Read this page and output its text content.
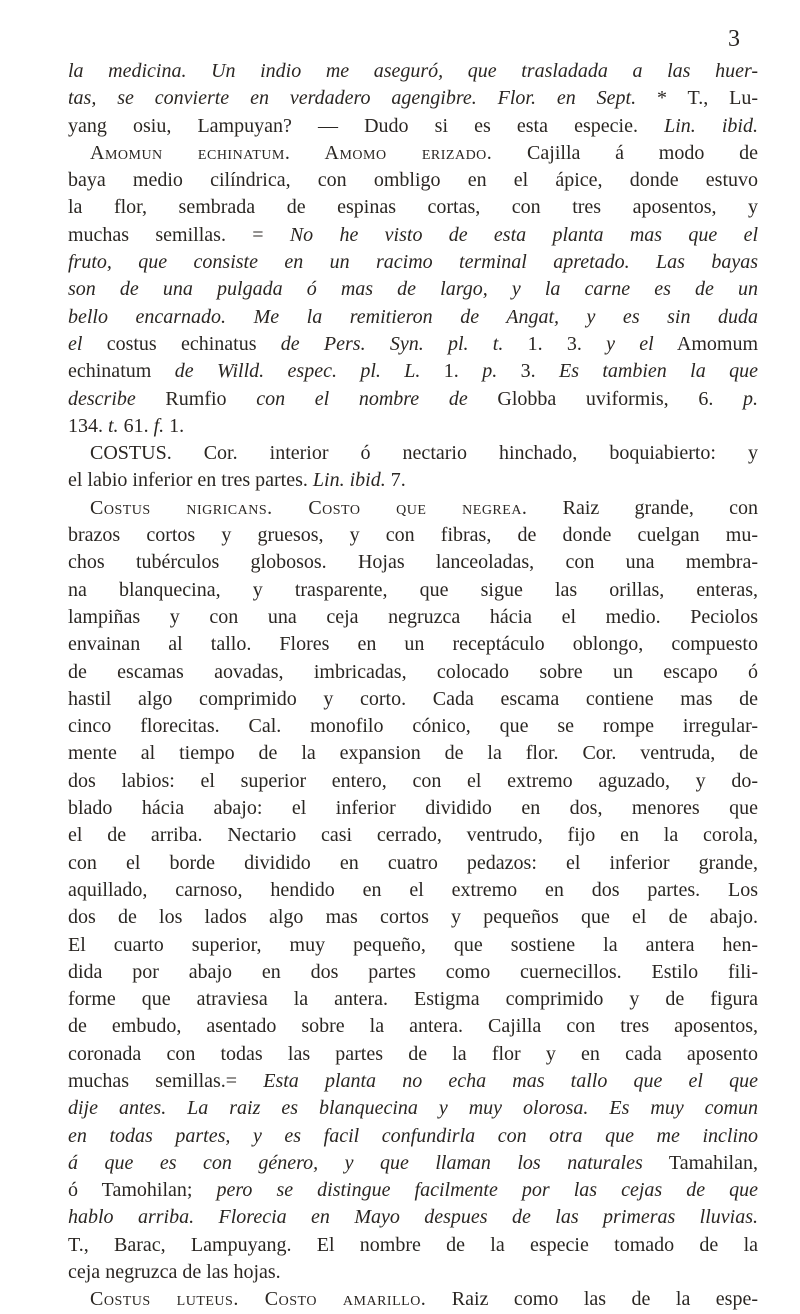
3

la medicina. Un indio me aseguró, que trasladada a las huer-
tas, se convierte en verdadero agengibre. Flor. en Sept. * T., Lu-
yang osiu, Lampuyan? — Dudo si es esta especie. Lin. ibid.
Amomun echinatum. Amomo erizado. Cajilla á modo de
baya medio cilíndrica, con ombligo en el ápice, donde estuvo
la flor, sembrada de espinas cortas, con tres aposentos, y
muchas semillas. = No he visto de esta planta mas que el
fruto, que consiste en un racimo terminal apretado. Las bayas
son de una pulgada ó mas de largo, y la carne es de un
bello encarnado. Me la remitieron de Angat, y es sin duda
el costus echinatus de Pers. Syn. pl. t. 1. 3. y el Amomum
echinatum de Willd. espec. pl. L. 1. p. 3. Es tambien la que
describe Rumfio con el nombre de Globba uviformis, 6. p.
134. t. 61. f. 1.
COSTUS. Cor. interior ó nectario hinchado, boquiabierto: y
el labio inferior en tres partes. Lin. ibid. 7.
Costus nigricans. Costo que negrea. Raiz grande, con
brazos cortos y gruesos, y con fibras, de donde cuelgan mu-
chos tubérculos globosos. Hojas lanceoladas, con una membra-
na blanquecina, y trasparente, que sigue las orillas, enteras,
lampiñas y con una ceja negruzca hácia el medio. Peciolos
envainan al tallo. Flores en un receptáculo oblongo, compuesto
de escamas aovadas, imbricadas, colocado sobre un escapo ó
hastil algo comprimido y corto. Cada escama contiene mas de
cinco florecitas. Cal. monofilo cónico, que se rompe irregular-
mente al tiempo de la expansion de la flor. Cor. ventruda, de
dos labios: el superior entero, con el extremo aguzado, y do-
blado hácia abajo: el inferior dividido en dos, menores que
el de arriba. Nectario casi cerrado, ventrudo, fijo en la corola,
con el borde dividido en cuatro pedazos: el inferior grande,
aquillado, carnoso, hendido en el extremo en dos partes. Los
dos de los lados algo mas cortos y pequeños que el de abajo.
El cuarto superior, muy pequeño, que sostiene la antera hen-
dida por abajo en dos partes como cuernecillos. Estilo fili-
forme que atraviesa la antera. Estigma comprimido y de figura
de embudo, asentado sobre la antera. Cajilla con tres aposentos,
coronada con todas las partes de la flor y en cada aposento
muchas semillas.= Esta planta no echa mas tallo que el que
dije antes. La raiz es blanquecina y muy olorosa. Es muy comun
en todas partes, y es facil confundirla con otra que me inclino
á que es con género, y que llaman los naturales Tamahilan,
ó Tamohilan; pero se distingue facilmente por las cejas de que
hablo arriba. Florecia en Mayo despues de las primeras lluvias.
T., Barac, Lampuyang. El nombre de la especie tomado de la
ceja negruzca de las hojas.
Costus luteus. Costo amarillo. Raiz como las de la espe-
